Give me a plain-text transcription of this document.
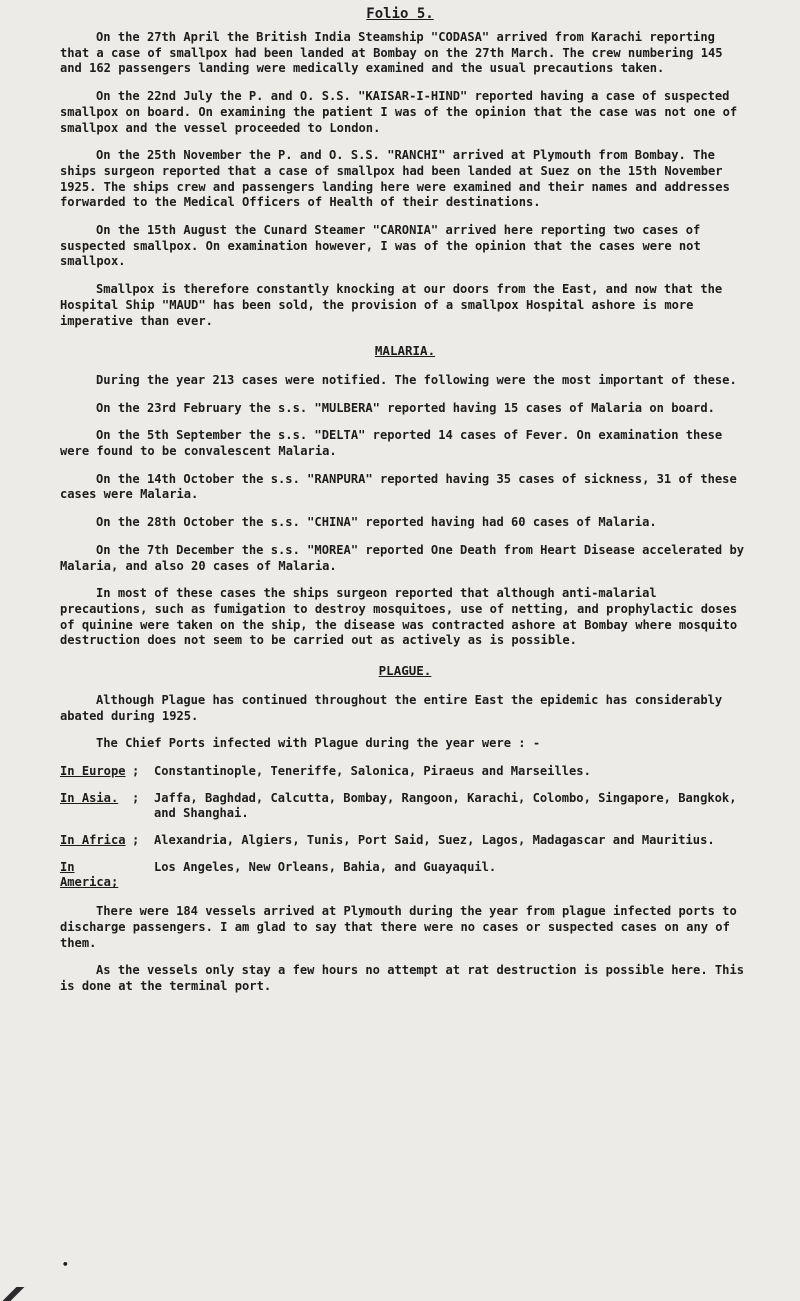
Folio 5.

On the 27th April the British India Steamship "CODASA" arrived from Karachi reporting that a case of smallpox had been landed at Bombay on the 27th March. The crew numbering 145 and 162 passengers landing were medically examined and the usual precautions taken.

On the 22nd July the P. and O. S.S. "KAISAR-I-HIND" reported having a case of suspected smallpox on board. On examining the patient I was of the opinion that the case was not one of smallpox and the vessel proceeded to London.

On the 25th November the P. and O. S.S. "RANCHI" arrived at Plymouth from Bombay. The ships surgeon reported that a case of smallpox had been landed at Suez on the 15th November 1925. The ships crew and passengers landing here were examined and their names and addresses forwarded to the Medical Officers of Health of their destinations.

On the 15th August the Cunard Steamer "CARONIA" arrived here reporting two cases of suspected smallpox. On examination however, I was of the opinion that the cases were not smallpox.

Smallpox is therefore constantly knocking at our doors from the East, and now that the Hospital Ship "MAUD" has been sold, the provision of a smallpox Hospital ashore is more imperative than ever.

MALARIA.

During the year 213 cases were notified. The following were the most important of these.

On the 23rd February the s.s. "MULBERA" reported having 15 cases of Malaria on board.

On the 5th September the s.s. "DELTA" reported 14 cases of Fever. On examination these were found to be convalescent Malaria.

On the 14th October the s.s. "RANPURA" reported having 35 cases of sickness, 31 of these cases were Malaria.

On the 28th October the s.s. "CHINA" reported having had 60 cases of Malaria.

On the 7th December the s.s. "MOREA" reported One Death from Heart Disease accelerated by Malaria, and also 20 cases of Malaria.

In most of these cases the ships surgeon reported that although anti-malarial precautions, such as fumigation to destroy mosquitoes, use of netting, and prophylactic doses of quinine were taken on the ship, the disease was contracted ashore at Bombay where mosquito destruction does not seem to be carried out as actively as is possible.

PLAGUE.

Although Plague has continued throughout the entire East the epidemic has considerably abated during 1925.

The Chief Ports infected with Plague during the year were : -

In Europe ;	Constantinople, Teneriffe, Salonica, Piraeus and Marseilles.
In Asia.	;	Jaffa, Baghdad, Calcutta, Bombay, Rangoon, Karachi, Colombo, Singapore, Bangkok, and Shanghai.
In Africa ;	Alexandria, Algiers, Tunis, Port Said, Suez, Lagos, Madagascar and Mauritius.
In America;
Los Angeles, New Orleans, Bahia, and Guayaquil.

There were 184 vessels arrived at Plymouth during the year from plague infected ports to discharge passengers. I am glad to say that there were no cases or suspected cases on any of them.

As the vessels only stay a few hours no attempt at rat destruction is possible here. This is done at the terminal port.

•
